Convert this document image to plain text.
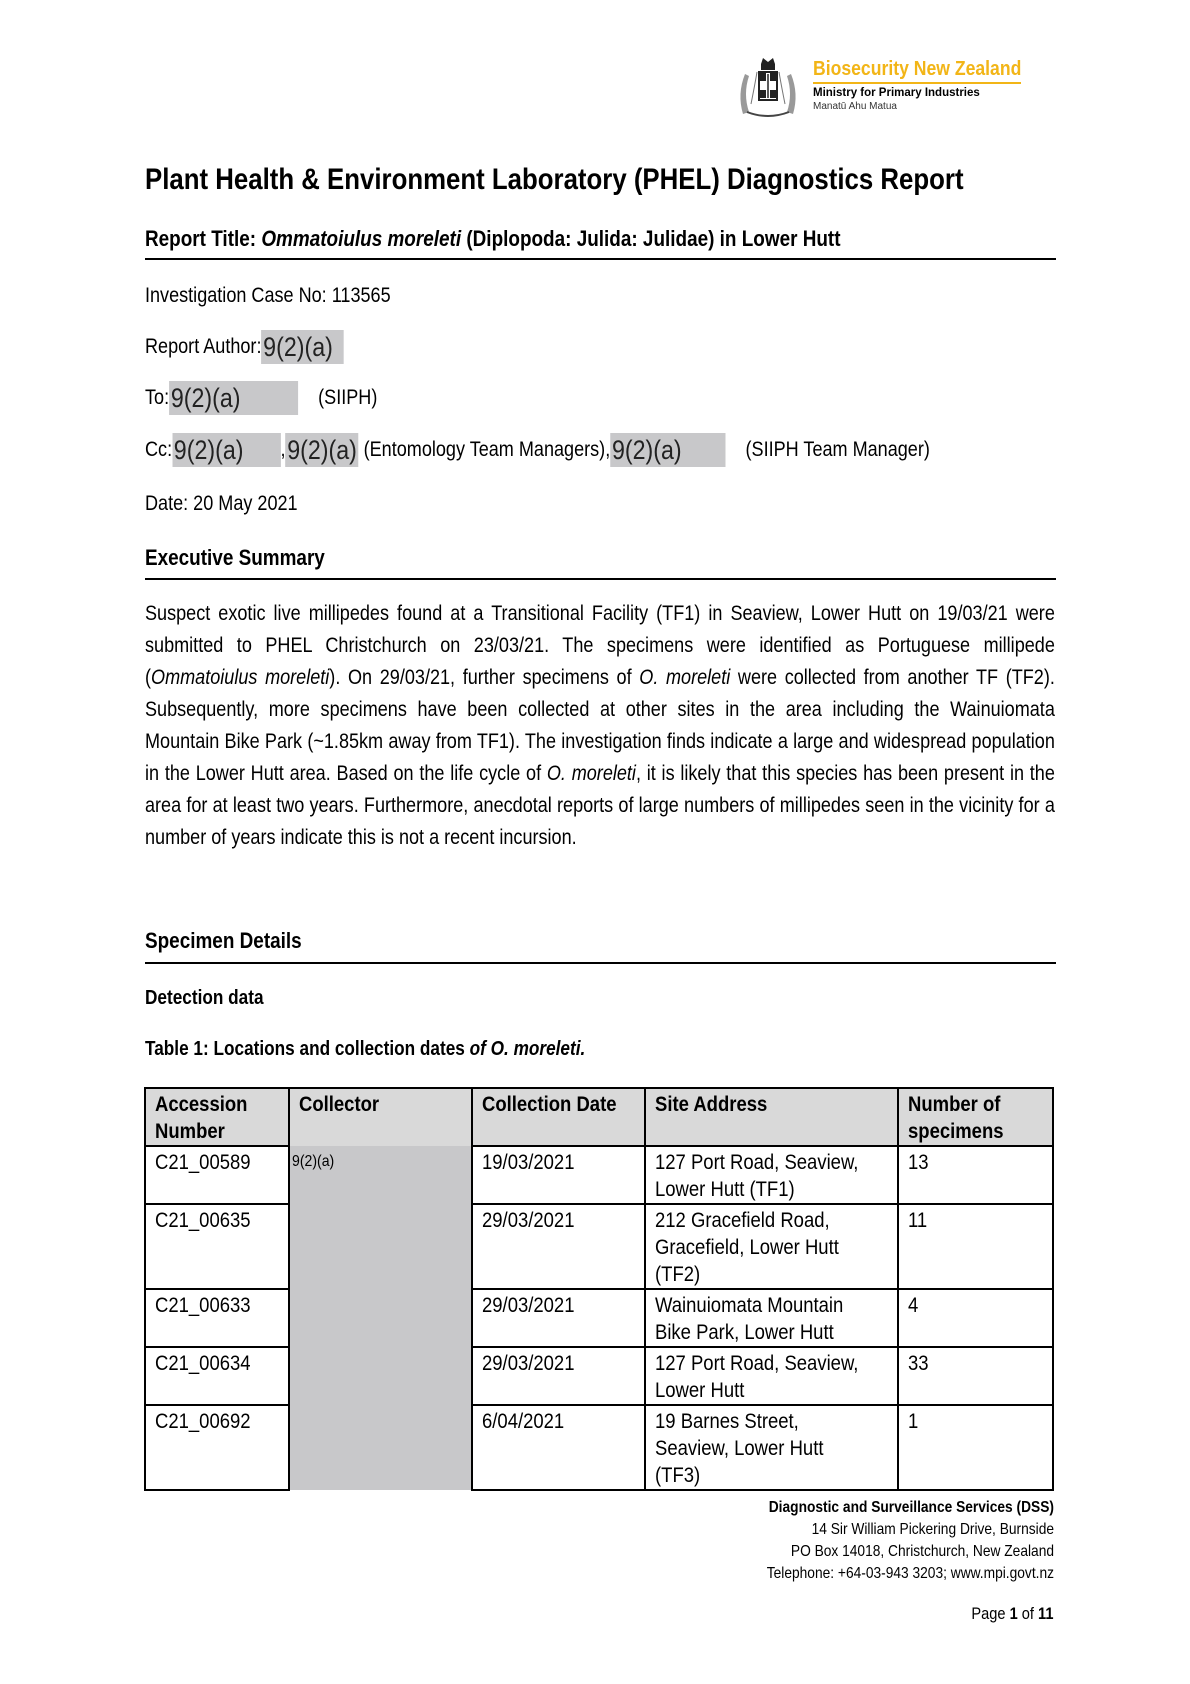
Biosecurity New Zealand
Ministry for Primary Industries
Manatū Ahu Matua
Plant Health & Environment Laboratory (PHEL) Diagnostics Report
Report Title: Ommatoiulus moreleti (Diplopoda: Julida: Julidae) in Lower Hutt
Investigation Case No: 113565
Report Author:9(2)(a)
To:9(2)(a)	(SIIPH)
Cc:9(2)(a) ,9(2)(a) (Entomology Team Managers),9(2)(a)	(SIIPH Team Manager)
Date: 20 May 2021
Executive Summary
Suspect exotic live millipedes found at a Transitional Facility (TF1) in Seaview, Lower Hutt on 19/03/21 were submitted to PHEL Christchurch on 23/03/21. The specimens were identified as Portuguese millipede (Ommatoiulus moreleti). On 29/03/21, further specimens of O. moreleti were collected from another TF (TF2). Subsequently, more specimens have been collected at other sites in the area including the Wainuiomata Mountain Bike Park (~1.85km away from TF1). The investigation finds indicate a large and widespread population in the Lower Hutt area. Based on the life cycle of O. moreleti, it is likely that this species has been present in the area for at least two years. Furthermore, anecdotal reports of large numbers of millipedes seen in the vicinity for a number of years indicate this is not a recent incursion.
Specimen Details
Detection data
Table 1: Locations and collection dates of O. moreleti.
Accession
Number	Collector	Collection Date	Site Address	Number of
specimens

C21_00589	9(2)(a)	19/03/2021	127 Port Road, Seaview,
Lower Hutt (TF1)	13

C21_00635		29/03/2021	212 Gracefield Road,
Gracefield, Lower Hutt
(TF2)	11

C21_00633		29/03/2021	Wainuiomata Mountain
Bike Park, Lower Hutt	4

C21_00634		29/03/2021	127 Port Road, Seaview,
Lower Hutt	33

C21_00692		6/04/2021	19 Barnes Street,
Seaview, Lower Hutt
(TF3)	1
Diagnostic and Surveillance Services (DSS)
14 Sir William Pickering Drive, Burnside
PO Box 14018, Christchurch, New Zealand
Telephone: +64-03-943 3203; www.mpi.govt.nz
Page 1 of 11
